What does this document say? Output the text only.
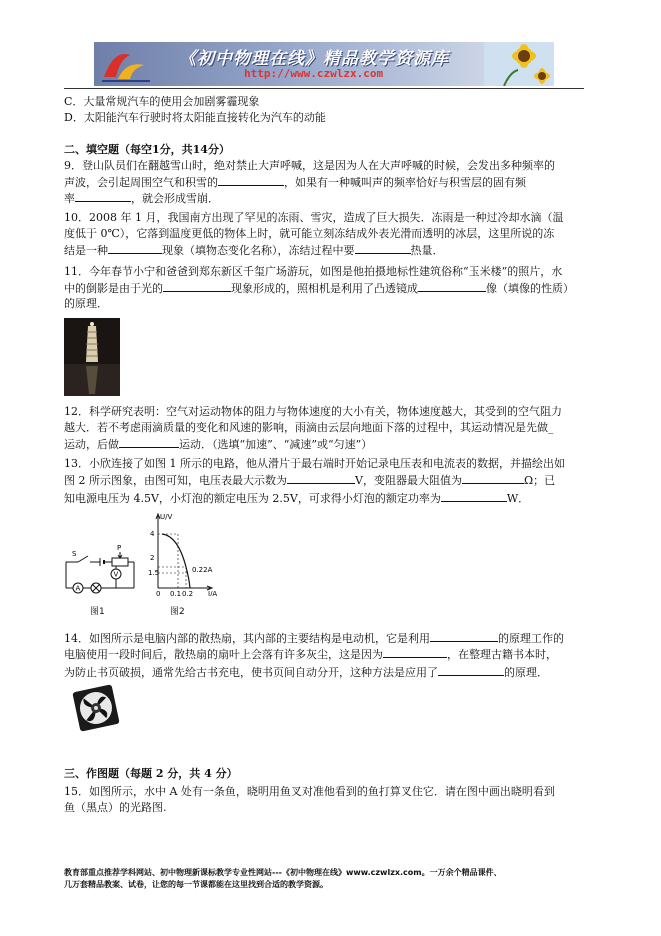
《初中物理在线》精品教学资源库
http://www.czwlzx.com
C．大量常规汽车的使用会加剧雾霾现象
D．太阳能汽车行驶时将太阳能直接转化为汽车的动能
二、填空题（每空1分，共14分）
9．登山队员们在翻越雪山时，绝对禁止大声呼喊，这是因为人在大声呼喊的时候，会发出多种频率的
声波，会引起周围空气和积雪的	，如果有一种喊叫声的频率恰好与积雪层的固有频
率	，就会形成雪崩．
10．2008 年 1 月，我国南方出现了罕见的冻雨、雪灾，造成了巨大损失．冻雨是一种过冷却水滴（温
度低于 0℃），它落到温度更低的物体上时，就可能立刻冻结成外表光滑而透明的冰层，这里所说的冻
结是一种	现象（填物态变化名称），冻结过程中要	热量．
11．今年春节小宁和爸爸到郑东新区千玺广场游玩，如图是他拍摄地标性建筑俗称“玉米楼”的照片，水
中的倒影是由于光的	现象形成的，照相机是利用了凸透镜成	像（填像的性质）
的原理．
12．科学研究表明：空气对运动物体的阻力与物体速度的大小有关，物体速度越大，其受到的空气阻力
越大．若不考虑雨滴质量的变化和风速的影响，雨滴由云层向地面下落的过程中，其运动情况是先做_
运动，后做	运动．（选填“加速”、“减速”或“匀速”）
13．小欣连接了如图 1 所示的电路，他从滑片于最右端时开始记录电压表和电流表的数据，并描绘出如
图 2 所示图象，由图可知，电压表最大示数为	V，变阻器最大阻值为	Ω；已
知电源电压为 4.5V，小灯泡的额定电压为 2.5V，可求得小灯泡的额定功率为	W．
S
P
A
V
图1
U/V
I/A
4
2
1.5
0 0.1 0.2
0.22A
图2
14．如图所示是电脑内部的散热扇，其内部的主要结构是电动机，它是利用	的原理工作的
电脑使用一段时间后，散热扇的扇叶上会落有许多灰尘，这是因为	，在整理古籍书本时，
为防止书页破损，通常先给古书充电，使书页间自动分开，这种方法是应用了	的原理．
三、作图题（每题 2 分，共 4 分）
15．如图所示，水中 A 处有一条鱼，晓明用鱼叉对准他看到的鱼打算叉住它．请在图中画出晓明看到
鱼（黑点）的光路图.
教育部重点推荐学科网站、初中物理新课标教学专业性网站---《初中物理在线》www.czwlzx.com。一万余个精品课件、
几万套精品教案、试卷，让您的每一节课都能在这里找到合适的教学资源。
